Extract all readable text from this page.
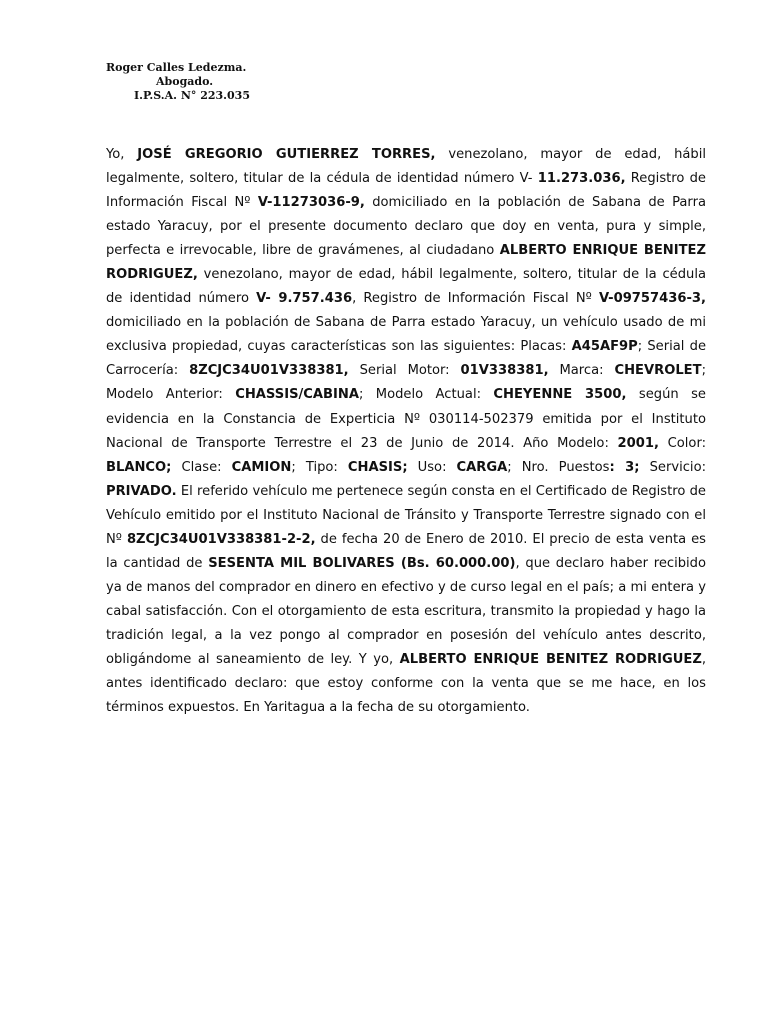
Roger Calles Ledezma.
Abogado.
I.P.S.A. N° 223.035

Yo, JOSÉ GREGORIO GUTIERREZ TORRES, venezolano, mayor de edad, hábil legalmente, soltero, titular de la cédula de identidad número V- 11.273.036, Registro de Información Fiscal Nº V-11273036-9, domiciliado en la población de Sabana de Parra estado Yaracuy, por el presente documento declaro que doy en venta, pura y simple, perfecta e irrevocable, libre de gravámenes, al ciudadano ALBERTO ENRIQUE BENITEZ RODRIGUEZ, venezolano, mayor de edad, hábil legalmente, soltero, titular de la cédula de identidad número V- 9.757.436, Registro de Información Fiscal Nº V-09757436-3, domiciliado en la población de Sabana de Parra estado Yaracuy, un vehículo usado de mi exclusiva propiedad, cuyas características son las siguientes: Placas: A45AF9P; Serial de Carrocería: 8ZCJC34U01V338381, Serial Motor: 01V338381, Marca: CHEVROLET; Modelo Anterior: CHASSIS/CABINA; Modelo Actual: CHEYENNE 3500, según se evidencia en la Constancia de Experticia Nº 030114-502379 emitida por el Instituto Nacional de Transporte Terrestre el 23 de Junio de 2014. Año Modelo: 2001, Color: BLANCO; Clase: CAMION; Tipo: CHASIS; Uso: CARGA; Nro. Puestos: 3; Servicio: PRIVADO. El referido vehículo me pertenece según consta en el Certificado de Registro de Vehículo emitido por el Instituto Nacional de Tránsito y Transporte Terrestre signado con el Nº 8ZCJC34U01V338381-2-2, de fecha 20 de Enero de 2010. El precio de esta venta es la cantidad de SESENTA MIL BOLIVARES (Bs. 60.000.00), que declaro haber recibido ya de manos del comprador en dinero en efectivo y de curso legal en el país; a mi entera y cabal satisfacción. Con el otorgamiento de esta escritura, transmito la propiedad y hago la tradición legal, a la vez pongo al comprador en posesión del vehículo antes descrito, obligándome al saneamiento de ley. Y yo, ALBERTO ENRIQUE BENITEZ RODRIGUEZ, antes identificado declaro: que estoy conforme con la venta que se me hace, en los términos expuestos. En Yaritagua a la fecha de su otorgamiento.
